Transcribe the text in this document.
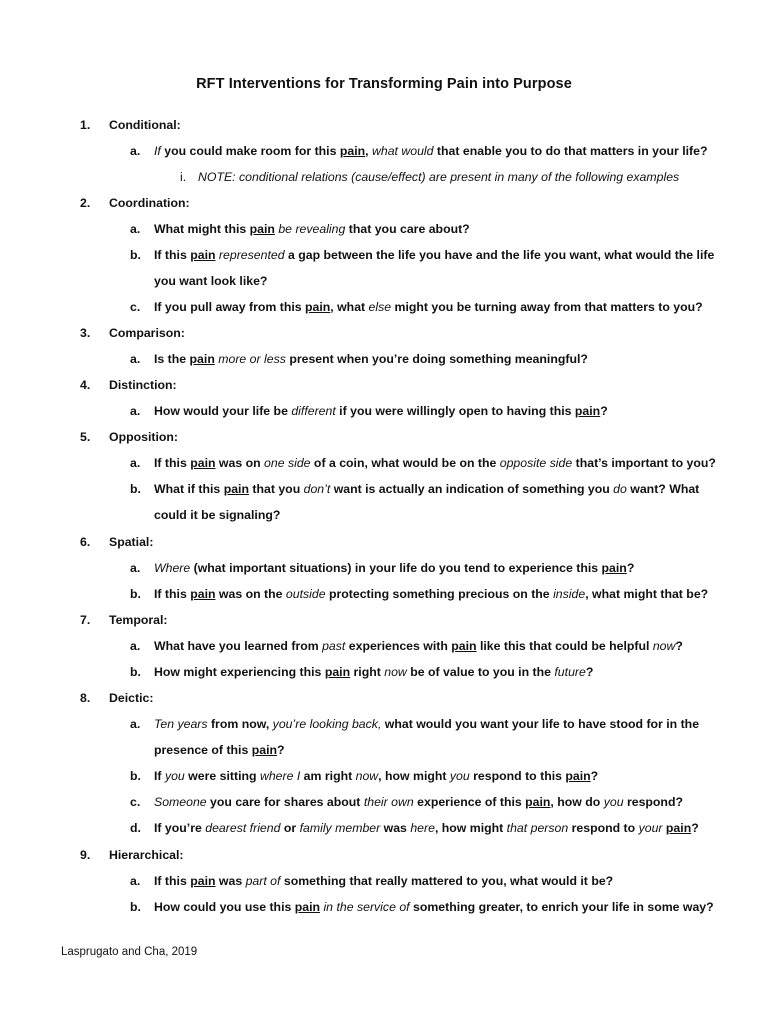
RFT Interventions for Transforming Pain into Purpose
1. Conditional:
a. If you could make room for this pain, what would that enable you to do that matters in your life?
i. NOTE: conditional relations (cause/effect) are present in many of the following examples
2. Coordination:
a. What might this pain be revealing that you care about?
b. If this pain represented a gap between the life you have and the life you want, what would the life
you want look like?
c. If you pull away from this pain, what else might you be turning away from that matters to you?
3. Comparison:
a. Is the pain more or less present when you’re doing something meaningful?
4. Distinction:
a. How would your life be different if you were willingly open to having this pain?
5. Opposition:
a. If this pain was on one side of a coin, what would be on the opposite side that’s important to you?
b. What if this pain that you don’t want is actually an indication of something you do want? What
could it be signaling?
6. Spatial:
a. Where (what important situations) in your life do you tend to experience this pain?
b. If this pain was on the outside protecting something precious on the inside, what might that be?
7. Temporal:
a. What have you learned from past experiences with pain like this that could be helpful now?
b. How might experiencing this pain right now be of value to you in the future?
8. Deictic:
a. Ten years from now, you’re looking back, what would you want your life to have stood for in the
presence of this pain?
b. If you were sitting where I am right now, how might you respond to this pain?
c. Someone you care for shares about their own experience of this pain, how do you respond?
d. If you’re dearest friend or family member was here, how might that person respond to your pain?
9. Hierarchical:
a. If this pain was part of something that really mattered to you, what would it be?
b. How could you use this pain in the service of something greater, to enrich your life in some way?
Lasprugato and Cha, 2019
